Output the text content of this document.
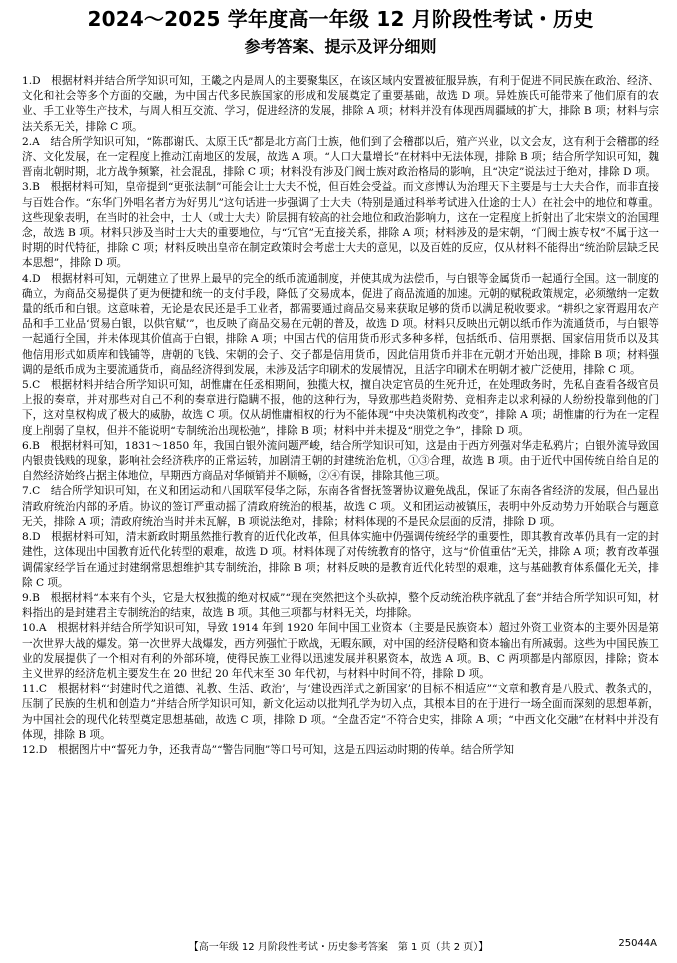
2024～2025 学年度高一年级 12 月阶段性考试・历史
参考答案、提示及评分细则

1.D  根据材料并结合所学知识可知，王畿之内是周人的主要聚集区，在该区域内安置被征服异族，有利于促进不同民族在政治、经济、文化和社会等多个方面的交融，为中国古代多民族国家的形成和发展奠定了重要基础，故选 D 项。异姓族氏可能带来了他们原有的农业、手工业等生产技术，与周人相互交流、学习，促进经济的发展，排除 A 项；材料并没有体现西周疆域的扩大，排除 B 项；材料与宗法关系无关，排除 C 项。

2.A  结合所学知识可知，“陈郡谢氏、太原王氏”都是北方高门士族，他们到了会稽郡以后，殖产兴业，以文会友，这有利于会稽郡的经济、文化发展，在一定程度上推动江南地区的发展，故选 A 项。“人口大量增长”在材料中无法体现，排除 B 项；结合所学知识可知，魏晋南北朝时期，北方战争频繁，社会混乱，排除 C 项；材料没有涉及门阀士族对政治格局的影响，且“决定”说法过于绝对，排除 D 项。

3.B  根据材料可知，皇帝提到“更张法制”可能会让士大夫不悦，但百姓会受益。而文彦博认为治理天下主要是与士大夫合作，而非直接与百姓合作。“东华门外唱名者方为好男儿”这句话进一步强调了士大夫（特别是通过科举考试进入仕途的士人）在社会中的地位和尊重。这些现象表明，在当时的社会中，士人（或士大夫）阶层拥有较高的社会地位和政治影响力，这在一定程度上折射出了北宋崇文的治国理念，故选 B 项。材料只涉及当时士大夫的重要地位，与“冗官”无直接关系，排除 A 项；材料涉及的是宋朝，“门阀士族专权”不属于这一时期的时代特征，排除 C 项；材料反映出皇帝在制定政策时会考虑士大夫的意见，以及百姓的反应，仅从材料不能得出“统治阶层缺乏民本思想”，排除 D 项。

4.D  根据材料可知，元朝建立了世界上最早的完全的纸币流通制度，并使其成为法偿币，与白银等金属货币一起通行全国。这一制度的确立，为商品交易提供了更为便捷和统一的支付手段，降低了交易成本，促进了商品流通的加速。元朝的赋税政策规定，必须缴纳一定数量的纸币和白银。这意味着，无论是农民还是手工业者，都需要通过商品交易来获取足够的货币以满足税收要求。“耕织之家胥遐用农产品和手工业品‘贸易白银，以供官赋’”，也反映了商品交易在元朝的普及，故选 D 项。材料只反映出元朝以纸币作为流通货币，与白银等一起通行全国，并未体现其价值高于白银，排除 A 项；中国古代的信用货币形式多种多样，包括纸币、信用票据、国家信用货币以及其他信用形式如质库和钱铺等，唐朝的飞钱、宋朝的会子、交子都是信用货币，因此信用货币并非在元朝才开始出现，排除 B 项；材料强调的是纸币成为主要流通货币，商品经济得到发展，未涉及活字印刷术的发展情况，且活字印刷术在明朝才被广泛使用，排除 C 项。

5.C  根据材料并结合所学知识可知，胡惟庸在任丞相期间，独揽大权，擅自决定官员的生死升迁，在处理政务时，先私自查看各级官员上报的奏章，并对那些对自己不利的奏章进行隐瞒不报，他的这种行为，导致那些趋炎附势、竞相奔走以求利禄的人纷纷投靠到他的门下，这对皇权构成了极大的威胁，故选 C 项。仅从胡惟庸相权的行为不能体现“中央决策机构改变”，排除 A 项；胡惟庸的行为在一定程度上削弱了皇权，但并不能说明“专制统治出现松弛”，排除 B 项；材料中并未提及“朋党之争”，排除 D 项。

6.B  根据材料可知，1831～1850 年，我国白银外流问题严峻，结合所学知识可知，这是由于西方列强对华走私鸦片；白银外流导致国内银贵钱贱的现象，影响社会经济秩序的正常运转，加剧清王朝的封建统治危机，①③合理，故选 B 项。由于近代中国传统自给自足的自然经济始终占据主体地位，早期西方商品对华倾销并不顺畅，②④有误，排除其他三项。

7.C  结合所学知识可知，在义和团运动和八国联军侵华之际，东南各省督抚签署协议避免战乱，保证了东南各省经济的发展，但凸显出清政府统治内部的矛盾。协议的签订严重动摇了清政府统治的根基，故选 C 项。义和团运动被镇压，表明中外反动势力开始联合与题意无关，排除 A 项；清政府统治当时并未瓦解，B 项说法绝对，排除；材料体现的不是民众层面的反清，排除 D 项。

8.D  根据材料可知，清末新政时期虽然推行教育的近代化改革，但具体实施中仍强调传统经学的重要性，即其教育改革仍具有一定的封建性，这体现出中国教育近代化转型的艰难，故选 D 项。材料体现了对传统教育的恪守，这与“价值重估”无关，排除 A 项；教育改革强调儒家经学旨在通过封建纲常思想维护其专制统治，排除 B 项；材料反映的是教育近代化转型的艰难，这与基础教育体系僵化无关，排除 C 项。

9.B  根据材料“本来有个头，它是大权独揽的绝对权威”“现在突然把这个头砍掉，整个反动统治秩序就乱了套”并结合所学知识可知，材料指出的是封建君主专制统治的结束，故选 B 项。其他三项都与材料无关，均排除。

10.A  根据材料并结合所学知识可知，导致 1914 年到 1920 年间中国工业资本（主要是民族资本）超过外资工业资本的主要外因是第一次世界大战的爆发。第一次世界大战爆发，西方列强忙于欧战，无暇东顾，对中国的经济侵略和资本输出有所减弱。这些为中国民族工业的发展提供了一个相对有利的外部环境，使得民族工业得以迅速发展并积累资本，故选 A 项。B、C 两项都是内部原因，排除；资本主义世界的经济危机主要发生在 20 世纪 20 年代末至 30 年代初，与材料中时间不符，排除 D 项。

11.C  根据材料“‘封建时代之道德、礼教、生活、政治’，与‘建设西洋式之新国家’的目标不相适应”“文章和教育是八股式、教条式的，压制了民族的生机和创造力”并结合所学知识可知，新文化运动以批判孔学为切入点，其根本目的在于进行一场全面而深刻的思想革新，为中国社会的现代化转型奠定思想基础，故选 C 项，排除 D 项。“全盘否定”不符合史实，排除 A 项；“中西文化交融”在材料中并没有体现，排除 B 项。

12.D  根据图片中“誓死力争，还我青岛”“警告同胞”等口号可知，这是五四运动时期的传单。结合所学知

【高一年级 12 月阶段性考试・历史参考答案　第 1 页（共 2 页）】	25044A
